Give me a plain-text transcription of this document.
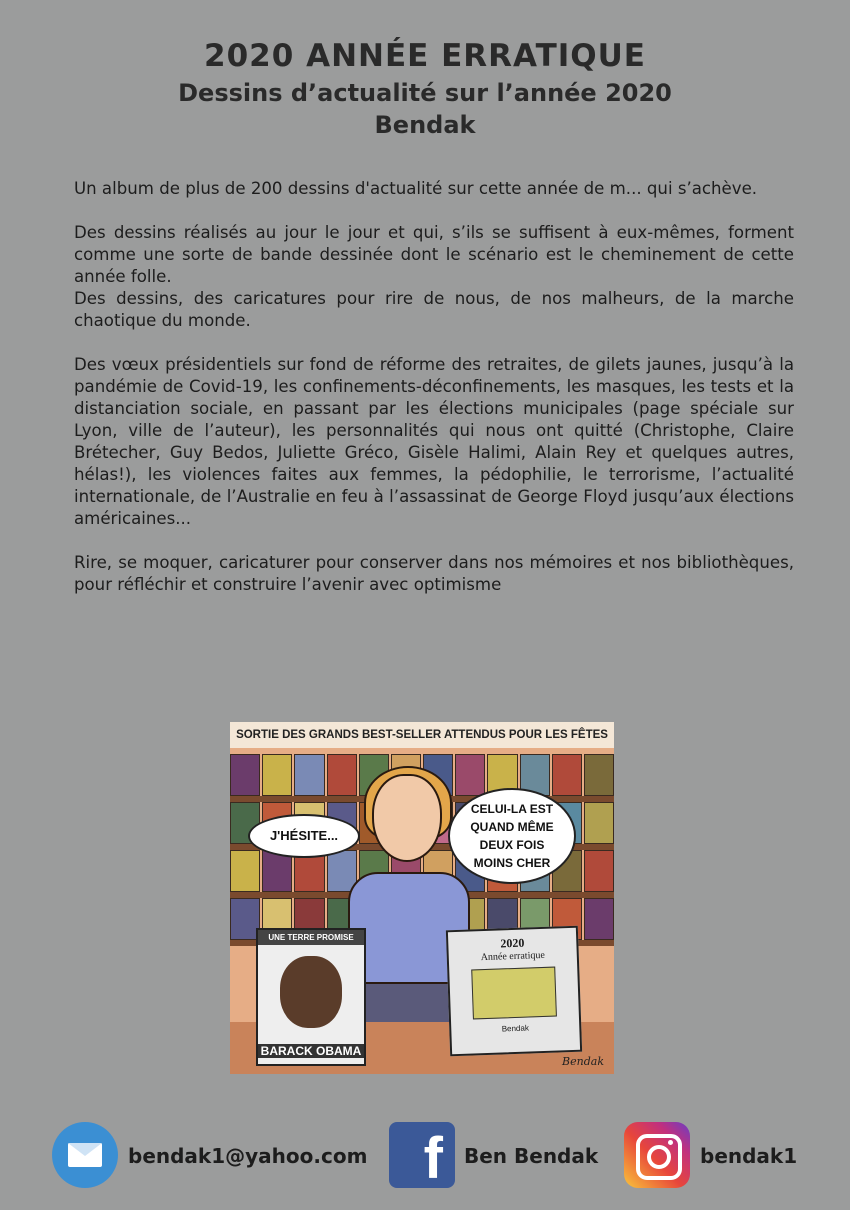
2020 ANNÉE ERRATIQUE
Dessins d’actualité sur l’année 2020
Bendak

Un album de plus de 200 dessins d'actualité sur cette année de m... qui s’achève.

Des dessins réalisés au jour le jour et qui, s’ils se suffisent à eux-mêmes, forment comme une sorte de bande dessinée dont le scénario est le cheminement de cette année folle.

Des dessins, des caricatures pour rire de nous, de nos malheurs, de la marche chaotique du monde.

Des vœux présidentiels sur fond de réforme des retraites, de gilets jaunes, jusqu’à la pandémie de Covid-19, les confinements-déconfinements, les masques, les tests et la distanciation sociale, en passant par les élections municipales (page spéciale sur Lyon, ville de l’auteur), les personnalités qui nous ont quitté (Christophe, Claire Brétecher, Guy Bedos, Juliette Gréco, Gisèle Halimi, Alain Rey et quelques autres, hélas!), les violences faites aux femmes, la pédophilie, le terrorisme, l’actualité internationale, de l’Australie en feu à l’assassinat de George Floyd jusqu’aux élections américaines...

Rire, se moquer, caricaturer pour conserver dans nos mémoires et nos bibliothèques, pour réfléchir et construire l’avenir avec optimisme

SORTIE DES GRANDS BEST-SELLER ATTENDUS POUR LES FÊTES
J'HÉSITE...
CELUI-LA EST
QUAND MÊME
DEUX FOIS
MOINS CHER
UNE TERRE PROMISE
BARACK OBAMA
2020
Année erratique
Bendak
Bendak
bendak1@yahoo.com f Ben Bendak	bendak1
